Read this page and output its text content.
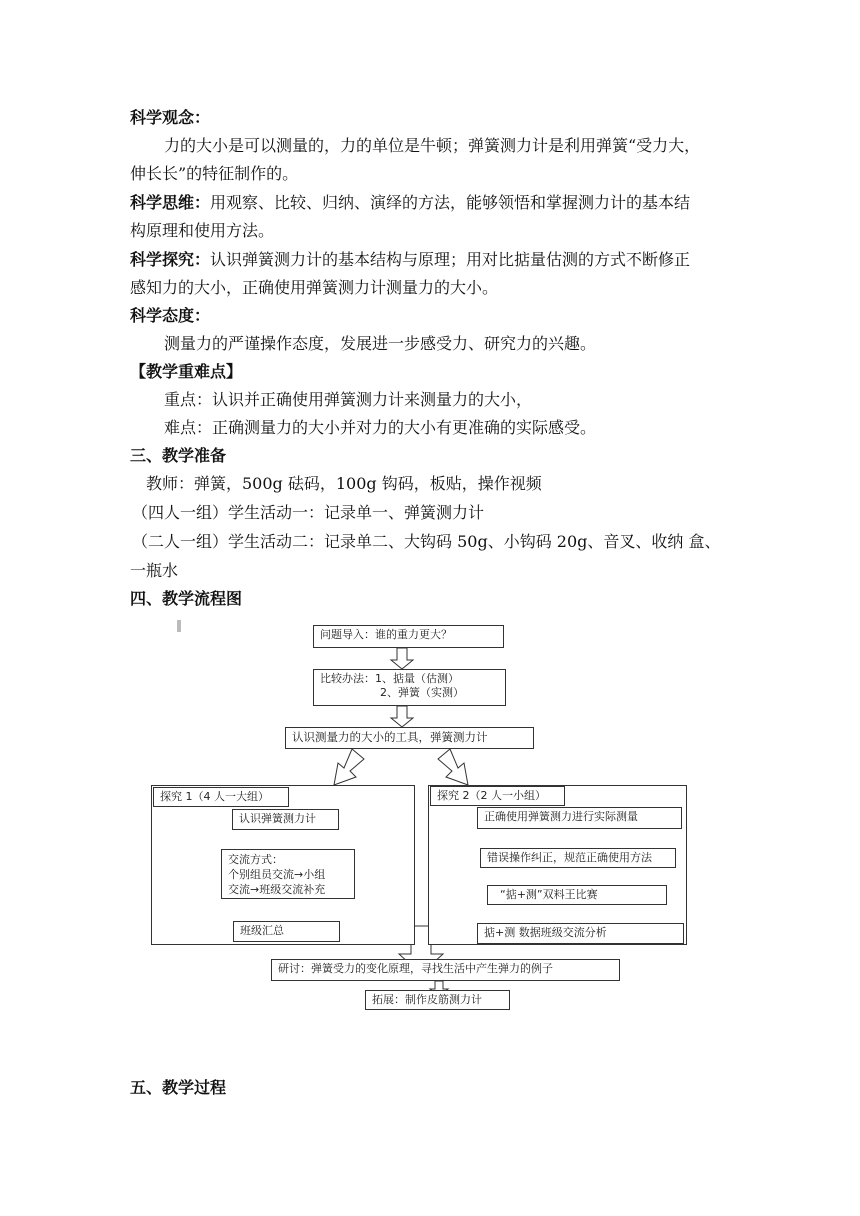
科学观念：
力的大小是可以测量的，力的单位是牛顿；弹簧测力计是利用弹簧“受力大，
伸长长”的特征制作的。
科学思维：用观察、比较、归纳、演绎的方法，能够领悟和掌握测力计的基本结
构原理和使用方法。
科学探究：认识弹簧测力计的基本结构与原理；用对比掂量估测的方式不断修正
感知力的大小，正确使用弹簧测力计测量力的大小。
科学态度：
测量力的严谨操作态度，发展进一步感受力、研究力的兴趣。
【教学重难点】
重点：认识并正确使用弹簧测力计来测量力的大小，
难点：正确测量力的大小并对力的大小有更准确的实际感受。
三、教学准备
教师：弹簧，500g 砝码，100g 钩码，板贴，操作视频
（四人一组）学生活动一：记录单一、弹簧测力计
（二人一组）学生活动二：记录单二、大钩码 50g、小钩码 20g、音叉、收纳 盒、
一瓶水
四、教学流程图
问题导入：谁的重力更大？
比较办法：1、掂量（估测）
2、弹簧（实测）
认识测量力的大小的工具，弹簧测力计
探究 1（4 人一大组）
认识弹簧测力计
交流方式：
个别组员交流→小组
交流→班级交流补充
班级汇总
探究 2（2 人一小组）
正确使用弹簧测力进行实际测量
错误操作纠正，规范正确使用方法
“掂+测”双料王比赛
掂+测 数据班级交流分析
研讨：弹簧受力的变化原理，寻找生活中产生弹力的例子
拓展：制作皮筋测力计
五、教学过程
